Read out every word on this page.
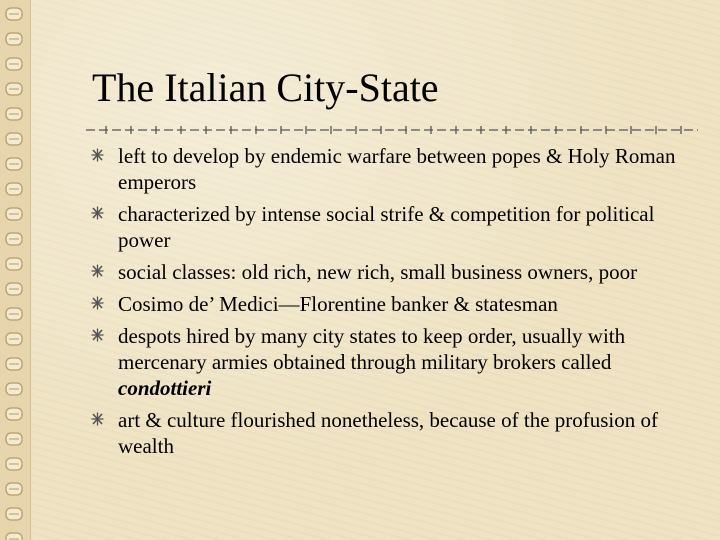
The Italian City-State
left to develop by endemic warfare between popes & Holy Roman emperors
characterized by intense social strife & competition for political power
social classes: old rich, new rich, small business owners, poor
Cosimo de’ Medici—Florentine banker & statesman
despots hired by many city states to keep order, usually with mercenary armies obtained through military brokers called condottieri
art & culture flourished nonetheless, because of the profusion of wealth
